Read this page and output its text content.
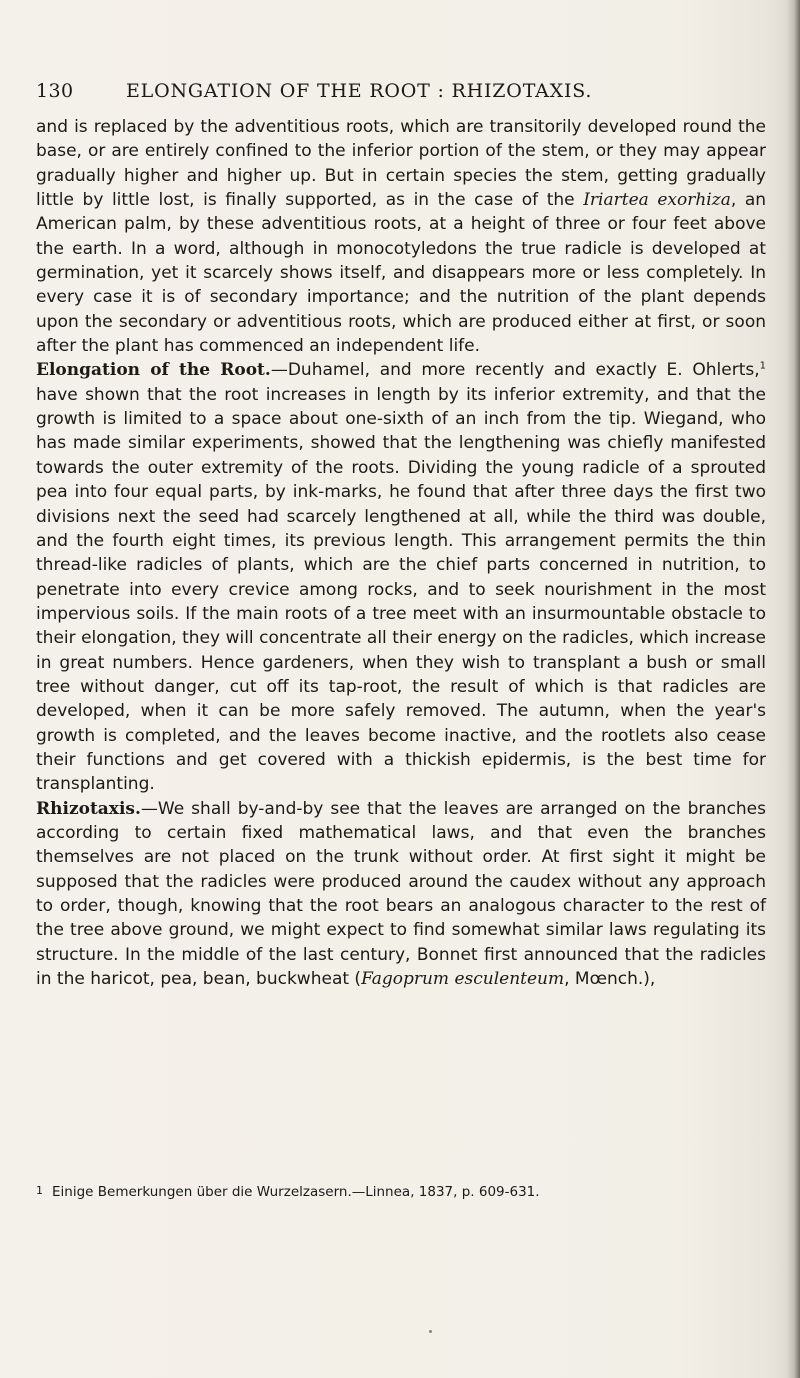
130	ELONGATION OF THE ROOT : RHIZOTAXIS.

and is replaced by the adventitious roots, which are transitorily developed round the base, or are entirely confined to the inferior portion of the stem, or they may appear gradually higher and higher up. But in certain species the stem, getting gradually little by little lost, is finally supported, as in the case of the Iriartea exorhiza, an American palm, by these adventitious roots, at a height of three or four feet above the earth. In a word, although in monocotyledons the true radicle is developed at germination, yet it scarcely shows itself, and disappears more or less completely. In every case it is of secondary importance; and the nutrition of the plant depends upon the secondary or adventitious roots, which are produced either at first, or soon after the plant has commenced an independent life.

Elongation of the Root.—Duhamel, and more recently and exactly E. Ohlerts,$^1$ have shown that the root increases in length by its inferior extremity, and that the growth is limited to a space about one-sixth of an inch from the tip. Wiegand, who has made similar experiments, showed that the lengthening was chiefly manifested towards the outer extremity of the roots. Dividing the young radicle of a sprouted pea into four equal parts, by ink-marks, he found that after three days the first two divisions next the seed had scarcely lengthened at all, while the third was double, and the fourth eight times, its previous length. This arrangement permits the thin thread-like radicles of plants, which are the chief parts concerned in nutrition, to penetrate into every crevice among rocks, and to seek nourishment in the most impervious soils. If the main roots of a tree meet with an insurmountable obstacle to their elongation, they will concentrate all their energy on the radicles, which increase in great numbers. Hence gardeners, when they wish to transplant a bush or small tree without danger, cut off its tap-root, the result of which is that radicles are developed, when it can be more safely removed. The autumn, when the year's growth is completed, and the leaves become inactive, and the rootlets also cease their functions and get covered with a thickish epidermis, is the best time for transplanting.

Rhizotaxis.—We shall by-and-by see that the leaves are arranged on the branches according to certain fixed mathematical laws, and that even the branches themselves are not placed on the trunk without order. At first sight it might be supposed that the radicles were produced around the caudex without any approach to order, though, knowing that the root bears an analogous character to the rest of the tree above ground, we might expect to find somewhat similar laws regulating its structure. In the middle of the last century, Bonnet first announced that the radicles in the haricot, pea, bean, buckwheat (Fagoprum esculenteum, Mœnch.),

1 Einige Bemerkungen über die Wurzelzasern.—Linnea, 1837, p. 609-631.
